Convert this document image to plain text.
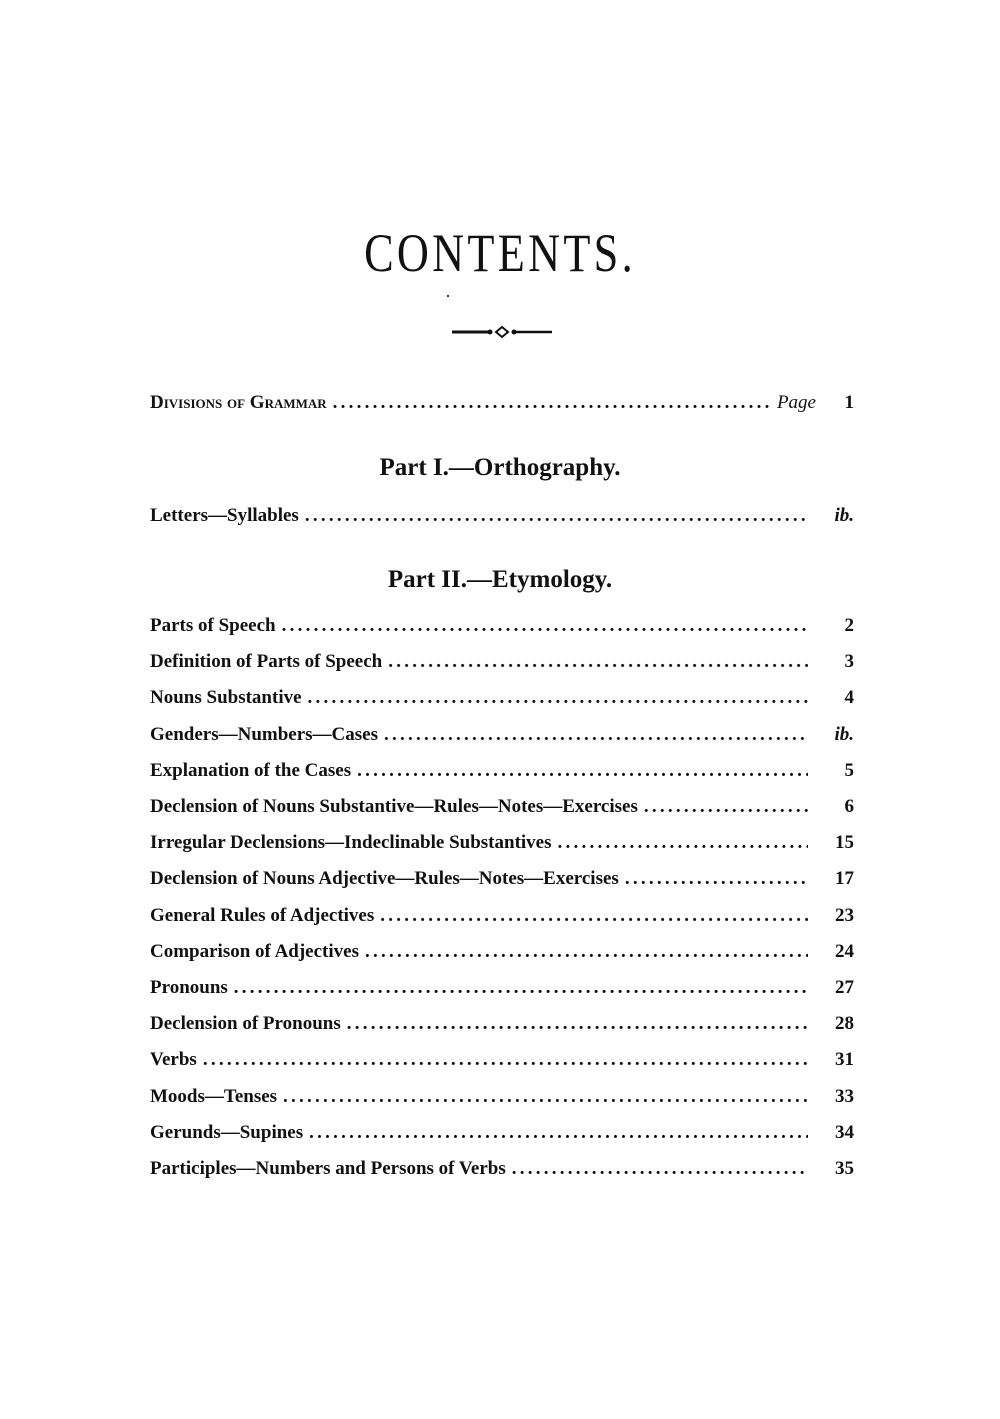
CONTENTS.
Divisions of Grammar . . .	Page	1
Part I.—Orthography.
Letters—Syllables . . .	ib.
Part II.—Etymology.
Parts of Speech . . .	2
Definition of Parts of Speech . . .	3
Nouns Substantive . . .	4
Genders—Numbers—Cases . . .	ib.
Explanation of the Cases . . .	5
Declension of Nouns Substantive—Rules—Notes—Exercises . . .	6
Irregular Declensions—Indeclinable Substantives . . .	15
Declension of Nouns Adjective—Rules—Notes—Exercises . . .	17
General Rules of Adjectives . . .	23
Comparison of Adjectives . . .	24
Pronouns . . .	27
Declension of Pronouns . . .	28
Verbs . . .	31
Moods—Tenses . . .	33
Gerunds—Supines . . .	34
Participles—Numbers and Persons of Verbs . . .	35
